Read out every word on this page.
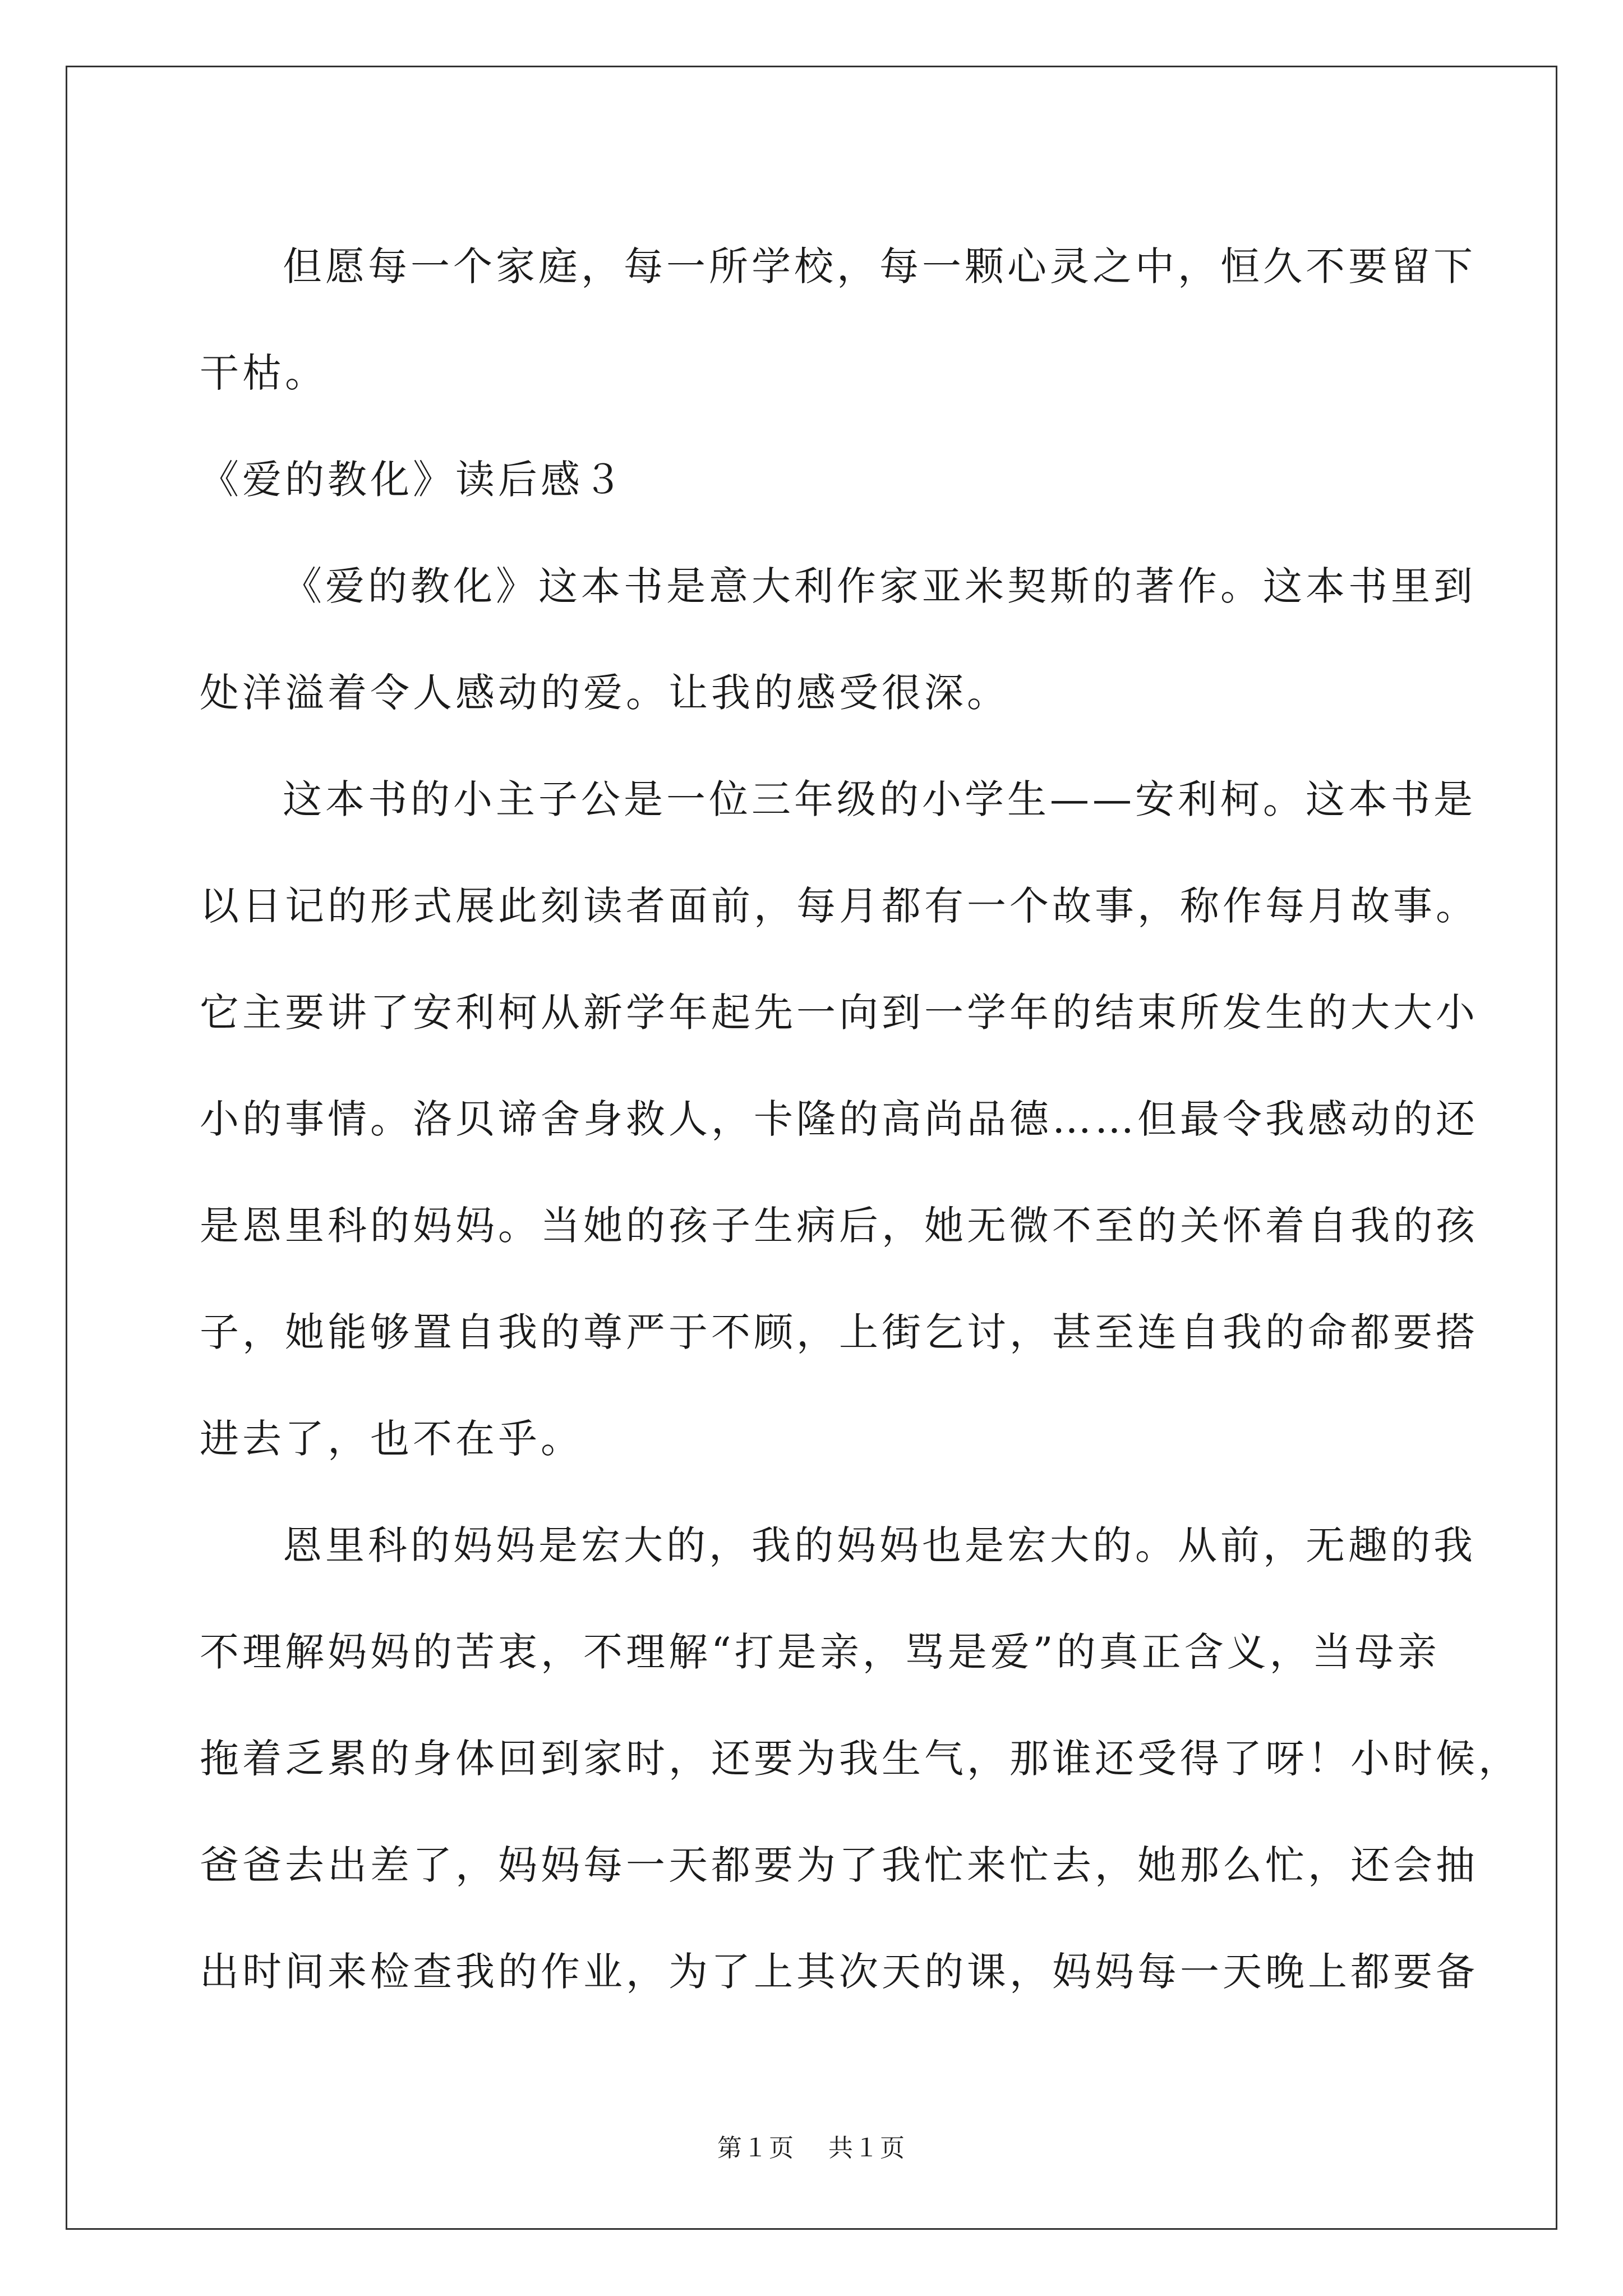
但愿每一个家庭，每一所学校，每一颗心灵之中，恒久不要留下
干枯。
《爱的教化》读后感３
《爱的教化》这本书是意大利作家亚米契斯的著作。这本书里到
处洋溢着令人感动的爱。让我的感受很深。
这本书的小主子公是一位三年级的小学生——安利柯。这本书是
以日记的形式展此刻读者面前，每月都有一个故事，称作每月故事。
它主要讲了安利柯从新学年起先一向到一学年的结束所发生的大大小
小的事情。洛贝谛舍身救人，卡隆的高尚品德……但最令我感动的还
是恩里科的妈妈。当她的孩子生病后，她无微不至的关怀着自我的孩
子，她能够置自我的尊严于不顾，上街乞讨，甚至连自我的命都要搭
进去了，也不在乎。
恩里科的妈妈是宏大的，我的妈妈也是宏大的。从前，无趣的我
不理解妈妈的苦衷，不理解“打是亲，骂是爱”的真正含义，当母亲
拖着乏累的身体回到家时，还要为我生气，那谁还受得了呀！小时候，
爸爸去出差了，妈妈每一天都要为了我忙来忙去，她那么忙，还会抽
出时间来检查我的作业，为了上其次天的课，妈妈每一天晚上都要备
第１页 共１页
